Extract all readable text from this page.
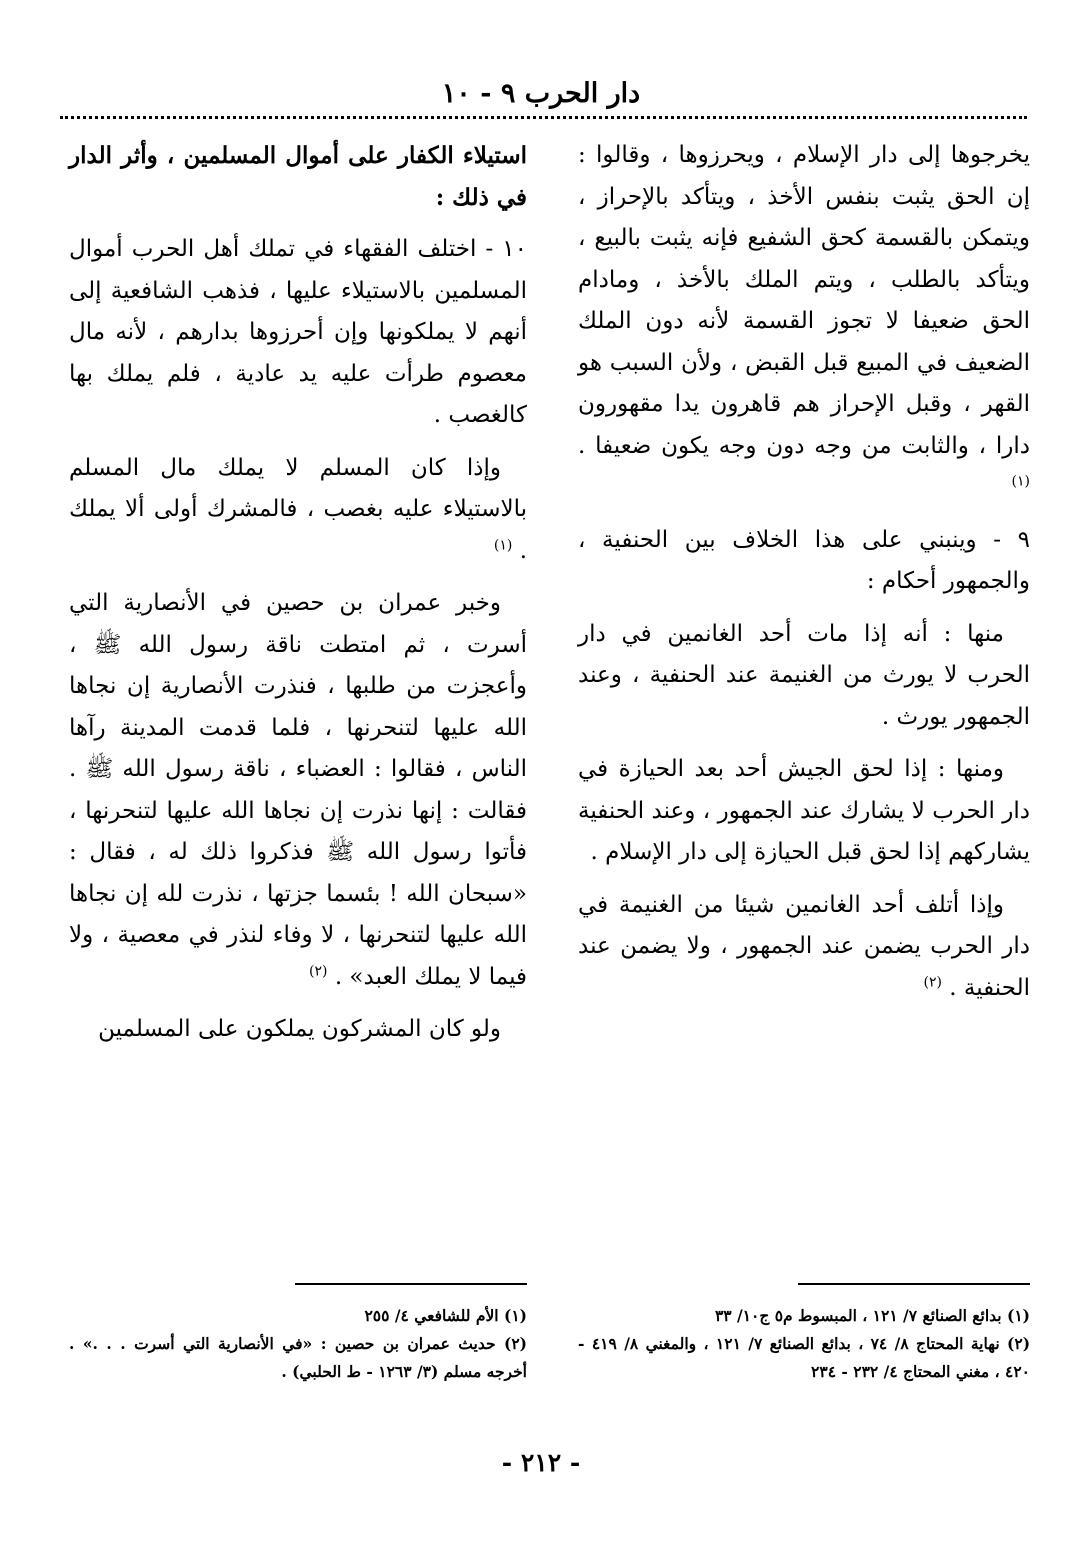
دار الحرب ٩ - ١٠

يخرجوها إلى دار الإسلام ، ويحرزوها ، وقالوا : إن الحق يثبت بنفس الأخذ ، ويتأكد بالإحراز ، ويتمكن بالقسمة كحق الشفيع فإنه يثبت بالبيع ، ويتأكد بالطلب ، ويتم الملك بالأخذ ، ومادام الحق ضعيفا لا تجوز القسمة لأنه دون الملك الضعيف في المبيع قبل القبض ، ولأن السبب هو القهر ، وقبل الإحراز هم قاهرون يدا مقهورون دارا ، والثابت من وجه دون وجه يكون ضعيفا . $^{(١)}$

٩ - وينبني على هذا الخلاف بين الحنفية ، والجمهور أحكام :

منها : أنه إذا مات أحد الغانمين في دار الحرب لا يورث من الغنيمة عند الحنفية ، وعند الجمهور يورث .

ومنها : إذا لحق الجيش أحد بعد الحيازة في دار الحرب لا يشارك عند الجمهور ، وعند الحنفية يشاركهم إذا لحق قبل الحيازة إلى دار الإسلام .

وإذا أتلف أحد الغانمين شيئا من الغنيمة في دار الحرب يضمن عند الجمهور ، ولا يضمن عند الحنفية . $^{(٢)}$

استيلاء الكفار على أموال المسلمين ، وأثر الدار في ذلك :

١٠ - اختلف الفقهاء في تملك أهل الحرب أموال المسلمين بالاستيلاء عليها ، فذهب الشافعية إلى أنهم لا يملكونها وإن أحرزوها بدارهم ، لأنه مال معصوم طرأت عليه يد عادية ، فلم يملك بها كالغصب .

وإذا كان المسلم لا يملك مال المسلم بالاستيلاء عليه بغصب ، فالمشرك أولى ألا يملك . $^{(١)}$

وخبر عمران بن حصين في الأنصارية التي أسرت ، ثم امتطت ناقة رسول الله ﷺ ، وأعجزت من طلبها ، فنذرت الأنصارية إن نجاها الله عليها لتنحرنها ، فلما قدمت المدينة رآها الناس ، فقالوا : العضباء ، ناقة رسول الله ﷺ . فقالت : إنها نذرت إن نجاها الله عليها لتنحرنها ، فأتوا رسول الله ﷺ فذكروا ذلك له ، فقال : «سبحان الله ! بئسما جزتها ، نذرت لله إن نجاها الله عليها لتنحرنها ، لا وفاء لنذر في معصية ، ولا فيما لا يملك العبد» . $^{(٢)}$

ولو كان المشركون يملكون على المسلمين

(١) بدائع الصنائع ٧/ ١٢١ ، المبسوط م٥ ج١٠/ ٣٣
(٢) نهاية المحتاج ٨/ ٧٤ ، بدائع الصنائع ٧/ ١٢١ ، والمغني ٨/ ٤١٩ - ٤٢٠ ، مغني المحتاج ٤/ ٢٣٢ - ٢٣٤
(١) الأم للشافعي ٤/ ٢٥٥
(٢) حديث عمران بن حصين : «في الأنصارية التي أسرت . . .» . أخرجه مسلم (٣/ ١٢٦٣ - ط الحلبي) .
- ٢١٢ -
